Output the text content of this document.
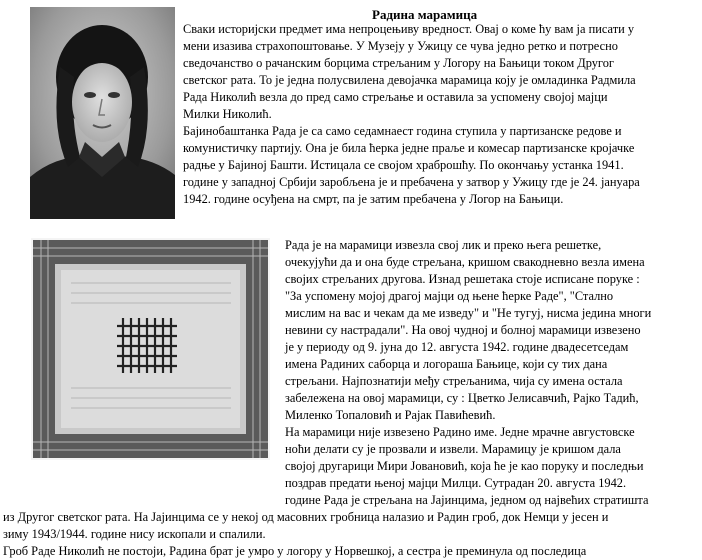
Радина марамица
Сваки историјски предмет има непроцењиву вредност. Овај о коме ћу вам ја писати у
мени изазива страхопоштовање. У Музеју у Ужицу се чува једно ретко и потресно
сведочанство о рачанским борцима стрељаним у Логору на Бањици током Другог
светског рата. То је једна полусвилена девојачка марамица коју је омладинка Радмила
Рада Николић везла до пред само стрељање и оставила за успомену својој мајци
Милки Николић.
Бајинобаштанка Рада је са само седамнаест година ступила у партизанске редове и
комунистичку партију. Она је била ћерка једне праље и комесар партизанске кројачке
радње у Бајиној Башти. Истицала се својом храброшћу. По окончању устанка 1941.
године у западној Србији заробљена је и пребачена у затвор у Ужицу где је 24. јануара
1942. године осуђена на смрт, па је затим пребачена у Логор на Бањици.
Рада је на марамици извезла свој лик и преко њега решетке,
очекујући да и она буде стрељана, кришом свакодневно везла имена
својих стрељаних другова. Изнад решетака стоје исписане поруке :
"За успомену мојој драгој мајци од њене ћерке Раде", "Стално
мислим на вас и чекам да ме изведу" и "Не тугуј, нисма једина многи
невини су настрадали". На овој чудној и болној марамици извезено
је у периоду од 9. јуна до 12. августа 1942. године двадесетседам
имена Радиних саборца и логораша Бањице, који су тих дана
стрељани. Најпознатији међу стрељанима, чија су имена остала
забележена на овој марамици, су : Цветко Јелисавчић, Рајко Тадић,
Миленко Топаловић и Рајак Павићевић.
На марамици није извезено Радино име. Једне мрачне августовске
ноћи делати су је прозвали и извели. Марамицу је кришом дала
својој другарици Мири Јовановић, која ће је као поруку и последњи
поздрав предати њеној мајци Милци. Сутрадан 20. августа 1942.
године Рада је стрељана на Јајинцима, једном од највећих стратишта
из Другог светског рата. На Јајинцима се у некој од масовних гробница налазио и Радин гроб, док Немци у јесен и
зиму 1943/1944. године нису ископали и спалили.
Гроб Раде Николић не постоји, Радина брат је умро у логору у Норвешкој, а сестра је преминула од последица
